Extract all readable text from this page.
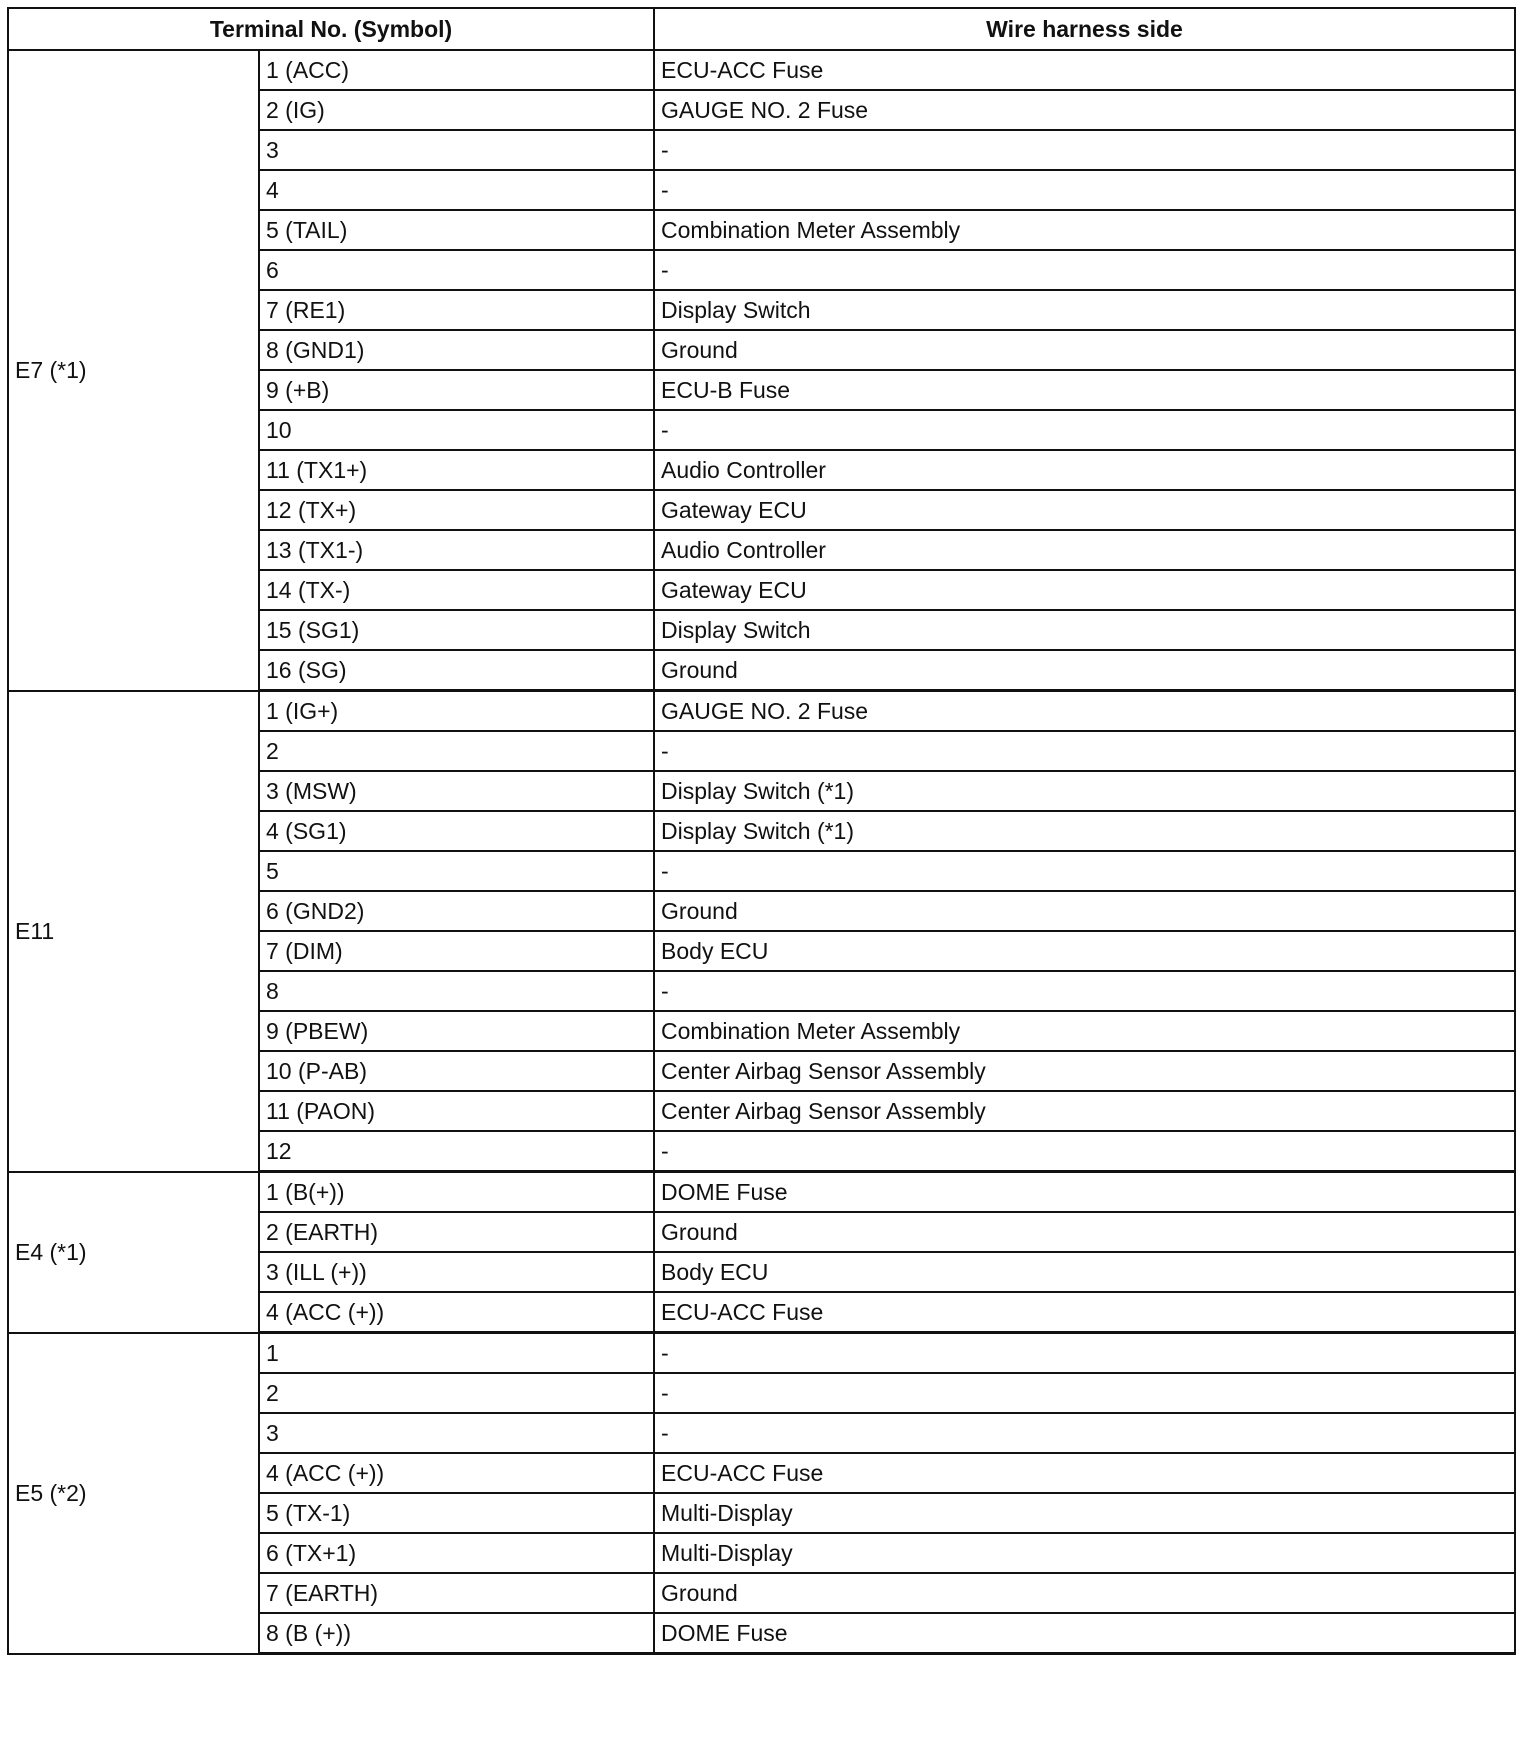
Terminal No. (Symbol)		Wire harness side
E7 (*1)	1 (ACC)	ECU-ACC Fuse
	2 (IG)	GAUGE NO. 2 Fuse
	3	-
	4	-
	5 (TAIL)	Combination Meter Assembly
	6	-
	7 (RE1)	Display Switch
	8 (GND1)	Ground
	9 (+B)	ECU-B Fuse
	10	-
	11 (TX1+)	Audio Controller
	12 (TX+)	Gateway ECU
	13 (TX1-)	Audio Controller
	14 (TX-)	Gateway ECU
	15 (SG1)	Display Switch
	16 (SG)	Ground
E11	1 (IG+)	GAUGE NO. 2 Fuse
	2	-
	3 (MSW)	Display Switch (*1)
	4 (SG1)	Display Switch (*1)
	5	-
	6 (GND2)	Ground
	7 (DIM)	Body ECU
	8	-
	9 (PBEW)	Combination Meter Assembly
	10 (P-AB)	Center Airbag Sensor Assembly
	11 (PAON)	Center Airbag Sensor Assembly
	12	-
E4 (*1)	1 (B(+))	DOME Fuse
	2 (EARTH)	Ground
	3 (ILL (+))	Body ECU
	4 (ACC (+))	ECU-ACC Fuse
E5 (*2)	1	-
	2	-
	3	-
	4 (ACC (+))	ECU-ACC Fuse
	5 (TX-1)	Multi-Display
	6 (TX+1)	Multi-Display
	7 (EARTH)	Ground
	8 (B (+))	DOME Fuse
